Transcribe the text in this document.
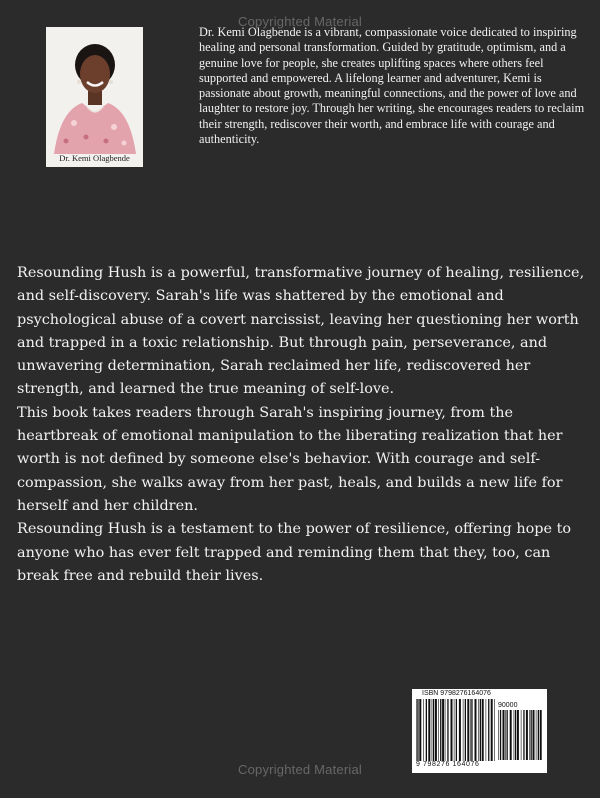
Copyrighted Material
Dr. Kemi Olagbende

Dr. Kemi Olagbende is a vibrant, compassionate voice dedicated to inspiring healing and personal transformation. Guided by gratitude, optimism, and a genuine love for people, she creates uplifting spaces where others feel supported and empowered. A lifelong learner and adventurer, Kemi is passionate about growth, meaningful connections, and the power of love and laughter to restore joy. Through her writing, she encourages readers to reclaim their strength, rediscover their worth, and embrace life with courage and authenticity.

Resounding Hush is a powerful, transformative journey of healing, resilience, and self-discovery. Sarah's life was shattered by the emotional and psychological abuse of a covert narcissist, leaving her questioning her worth and trapped in a toxic relationship. But through pain, perseverance, and unwavering determination, Sarah reclaimed her life, rediscovered her strength, and learned the true meaning of self-love.

This book takes readers through Sarah's inspiring journey, from the heartbreak of emotional manipulation to the liberating realization that her worth is not defined by someone else's behavior. With courage and self-compassion, she walks away from her past, heals, and builds a new life for herself and her children.

Resounding Hush is a testament to the power of resilience, offering hope to anyone who has ever felt trapped and reminding them that they, too, can break free and rebuild their lives.

ISBN 9798276164076
90000
9 798276 164076
Copyrighted Material
